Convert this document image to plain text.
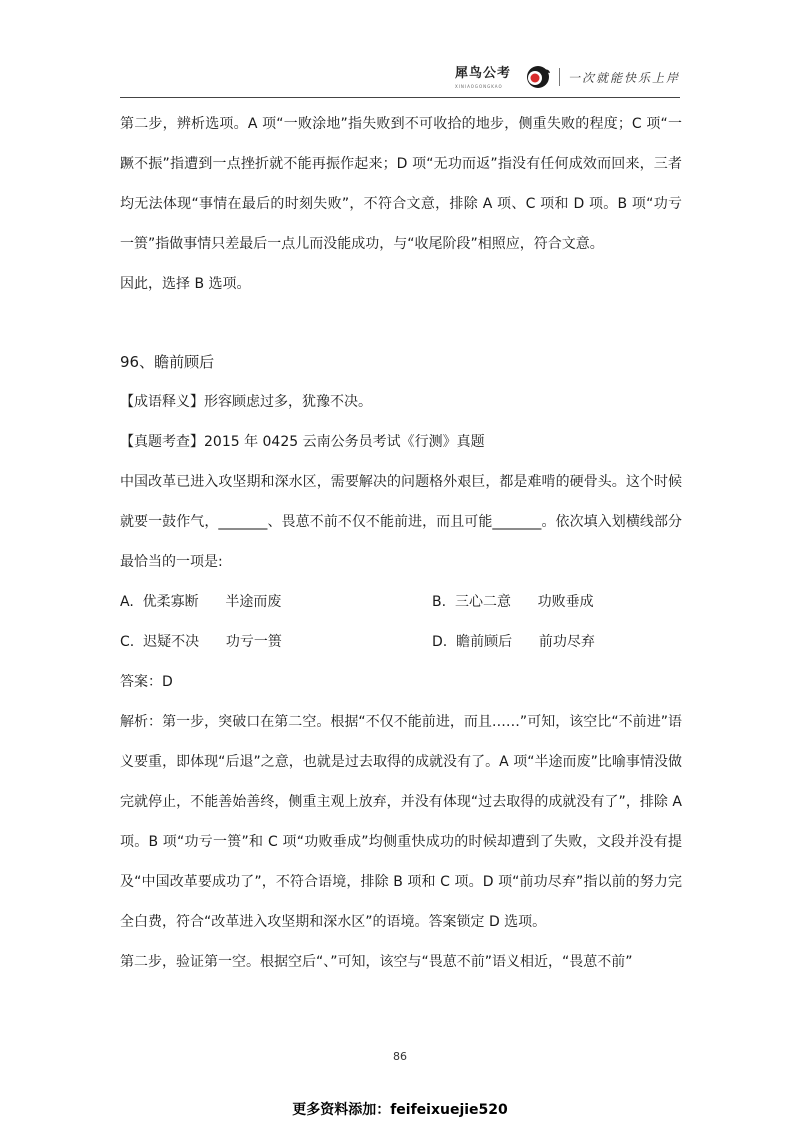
犀鸟公考
XINIAOGONGKAO
一次就能快乐上岸

第二步，辨析选项。A 项“一败涂地”指失败到不可收拾的地步，侧重失败的程度；C 项“一蹶不振”指遭到一点挫折就不能再振作起来；D 项“无功而返”指没有任何成效而回来，三者均无法体现“事情在最后的时刻失败”，不符合文意，排除 A 项、C 项和 D 项。B 项“功亏一篑”指做事情只差最后一点儿而没能成功，与“收尾阶段”相照应，符合文意。

因此，选择 B 选项。

96、瞻前顾后

【成语释义】形容顾虑过多，犹豫不决。

【真题考查】2015 年 0425 云南公务员考试《行测》真题

中国改革已进入攻坚期和深水区，需要解决的问题格外艰巨，都是难啃的硬骨头。这个时候就要一鼓作气，_______、畏葸不前不仅不能前进，而且可能_______。依次填入划横线部分最恰当的一项是:

A.  优柔寡断      半途而废	B.  三心二意      功败垂成
C.  迟疑不决      功亏一篑	D.  瞻前顾后      前功尽弃

答案：D

解析：第一步，突破口在第二空。根据“不仅不能前进，而且……”可知，该空比“不前进”语义要重，即体现“后退”之意，也就是过去取得的成就没有了。A 项“半途而废”比喻事情没做完就停止，不能善始善终，侧重主观上放弃，并没有体现“过去取得的成就没有了”，排除 A 项。B 项“功亏一篑”和 C 项“功败垂成”均侧重快成功的时候却遭到了失败，文段并没有提及“中国改革要成功了”，不符合语境，排除 B 项和 C 项。D 项“前功尽弃”指以前的努力完全白费，符合“改革进入攻坚期和深水区”的语境。答案锁定 D 选项。

第二步，验证第一空。根据空后“、”可知，该空与“畏葸不前”语义相近，“畏葸不前”

86
更多资料添加：feifeixuejie520
